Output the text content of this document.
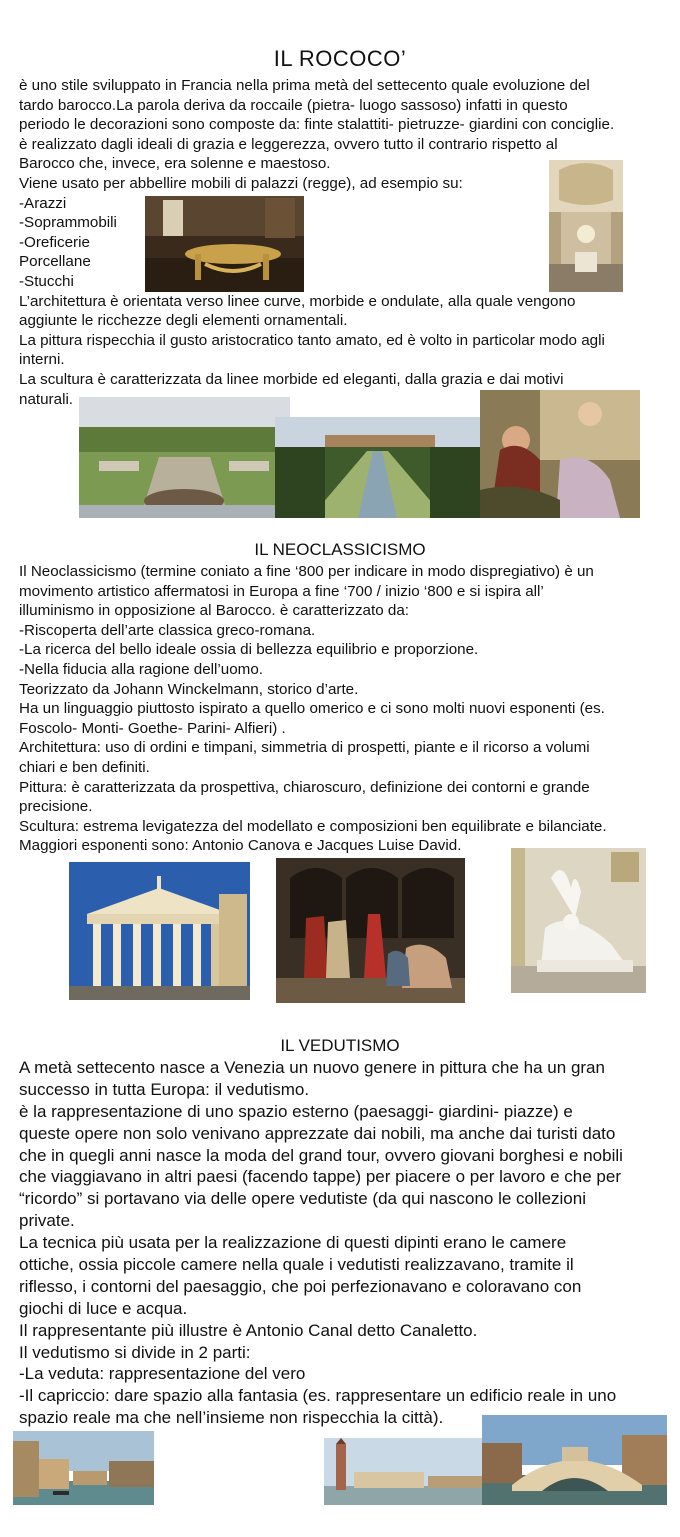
IL ROCOCO’
è uno stile sviluppato in Francia nella prima metà del settecento quale evoluzione del
tardo barocco.La parola deriva da roccaile (pietra- luogo sassoso) infatti in questo
periodo le decorazioni sono composte da: finte stalattiti- pietruzze- giardini con conciglie.
è realizzato dagli ideali di grazia e leggerezza, ovvero tutto il contrario rispetto al
Barocco che, invece, era solenne e maestoso.
Viene usato per abbellire mobili di palazzi (regge), ad esempio su:
-Arazzi
-Soprammobili
-Oreficerie
Porcellane
-Stucchi
L’architettura è orientata verso linee curve, morbide e ondulate, alla quale vengono
aggiunte le ricchezze degli elementi ornamentali.
La pittura rispecchia il gusto aristocratico tanto amato, ed è volto in particolar modo agli
interni.
La scultura è caratterizzata da linee morbide ed eleganti, dalla grazia e dai motivi
naturali.
IL NEOCLASSICISMO
Il Neoclassicismo (termine coniato a fine ‘800 per indicare in modo dispregiativo) è un
movimento artistico affermatosi in Europa a fine ‘700 / inizio ‘800 e si ispira all’
illuminismo in opposizione al Barocco. è caratterizzato da:
-Riscoperta dell’arte classica greco-romana.
-La ricerca del bello ideale ossia di bellezza equilibrio e proporzione.
-Nella fiducia alla ragione dell’uomo.
Teorizzato da Johann Winckelmann, storico d’arte.
Ha un linguaggio piuttosto ispirato a quello omerico e ci sono molti nuovi esponenti (es.
Foscolo- Monti- Goethe- Parini- Alfieri) .
Architettura: uso di ordini e timpani, simmetria di prospetti, piante e il ricorso a volumi
chiari e ben definiti.
Pittura: è caratterizzata da prospettiva, chiaroscuro, definizione dei contorni e grande
precisione.
Scultura: estrema levigatezza del modellato e composizioni ben equilibrate e bilanciate.
Maggiori esponenti sono: Antonio Canova e Jacques Luise David.
IL VEDUTISMO
A metà settecento nasce a Venezia un nuovo genere in pittura che ha un gran
successo in tutta Europa: il vedutismo.
è la rappresentazione di uno spazio esterno (paesaggi- giardini- piazze) e
queste opere non solo venivano apprezzate dai nobili, ma anche dai turisti dato
che in quegli anni nasce la moda del grand tour, ovvero giovani borghesi e nobili
che viaggiavano in altri paesi (facendo tappe) per piacere o per lavoro e che per
“ricordo” si portavano via delle opere vedutiste (da qui nascono le collezioni
private.
La tecnica più usata per la realizzazione di questi dipinti erano le camere
ottiche, ossia piccole camere nella quale i vedutisti realizzavano, tramite il
riflesso, i contorni del paesaggio, che poi perfezionavano e coloravano con
giochi di luce e acqua.
Il rappresentante più illustre è Antonio Canal detto Canaletto.
Il vedutismo si divide in 2 parti:
-La veduta: rappresentazione del vero
-Il capriccio: dare spazio alla fantasia (es. rappresentare un edificio reale in uno
spazio reale ma che nell’insieme non rispecchia la città).
